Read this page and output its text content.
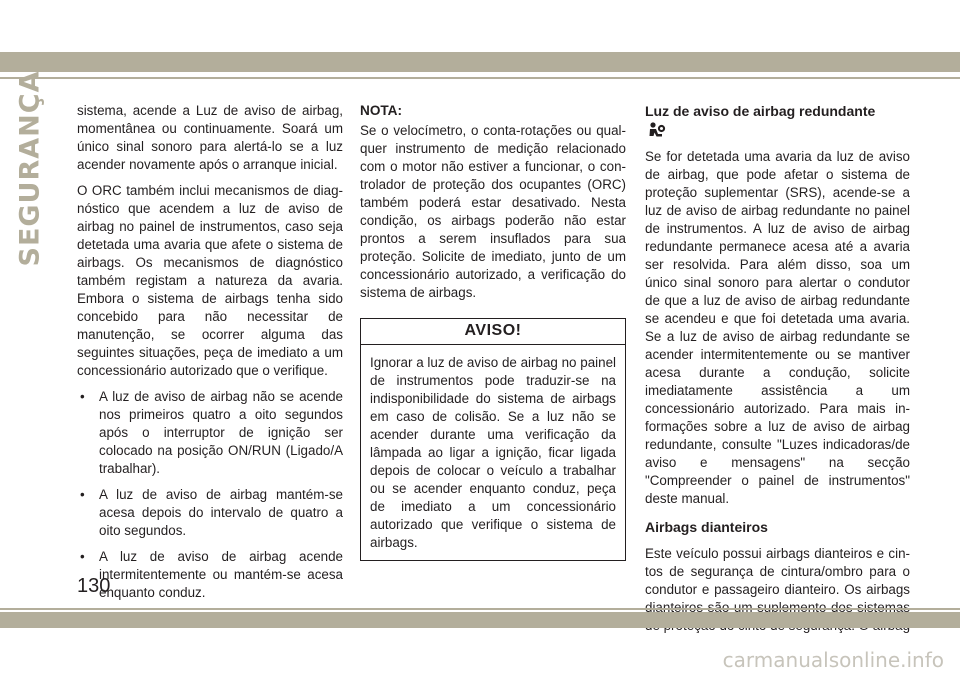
SEGURANÇA sistema, acende a Luz de aviso de airbag, momentânea ou continuamente. Soará um único sinal sonoro para alertá-lo se a luz acender novamente após o arranque inicial.

O ORC também inclui mecanismos de diagnóstico que acendem a luz de aviso de airbag no painel de instrumentos, caso seja detetada uma avaria que afete o sistema de airbags. Os mecanismos de diagnóstico também registam a natureza da avaria. Embora o sistema de airbags tenha sido concebido para não necessitar de manutenção, se ocorrer alguma das seguintes situações, peça de imediato a um concessionário autorizado que o verifique.

• A luz de aviso de airbag não se acende nos primeiros quatro a oito segundos após o interruptor de ignição ser colocado na posição ON/RUN (Ligado/A trabalhar).
• A luz de aviso de airbag mantém-se acesa depois do intervalo de quatro a oito segundos.
• A luz de aviso de airbag acende intermitentemente ou mantém-se acesa enquanto conduz.
NOTA:

Se o velocímetro, o conta-rotações ou qualquer instrumento de medição relacionado com o motor não estiver a funcionar, o controlador de proteção dos ocupantes (ORC) também poderá estar desativado. Nesta condição, os airbags poderão não estar prontos a serem insuflados para sua proteção. Solicite de imediato, junto de um concessionário autorizado, a verificação do sistema de airbags.

AVISO!
Ignorar a luz de aviso de airbag no painel de instrumentos pode traduzir-se na indisponibilidade do sistema de airbags em caso de colisão. Se a luz não se acender durante uma verificação da lâmpada ao ligar a ignição, ficar ligada depois de colocar o veículo a trabalhar ou se acender enquanto conduz, peça de imediato a um concessionário autorizado que verifique o sistema de airbags.
Luz de aviso de airbag redundante

Se for detetada uma avaria da luz de aviso de airbag, que pode afetar o sistema de proteção suplementar (SRS), acende-se a luz de aviso de airbag redundante no painel de instrumentos. A luz de aviso de airbag redundante permanece acesa até a avaria ser resolvida. Para além disso, soa um único sinal sonoro para alertar o condutor de que a luz de aviso de airbag redundante se acendeu e que foi detetada uma avaria. Se a luz de aviso de airbag redundante se acender intermitentemente ou se mantiver acesa durante a condução, solicite imediatamente assistência a um concessionário autorizado. Para mais informações sobre a luz de aviso de airbag redundante, consulte "Luzes indicadoras/de aviso e mensagens" na secção "Compreender o painel de instrumentos" deste manual.

Airbags dianteiros

Este veículo possui airbags dianteiros e cintos de segurança de cintura/ombro para o condutor e passageiro dianteiro. Os airbags

130
carmanualsonline.info
